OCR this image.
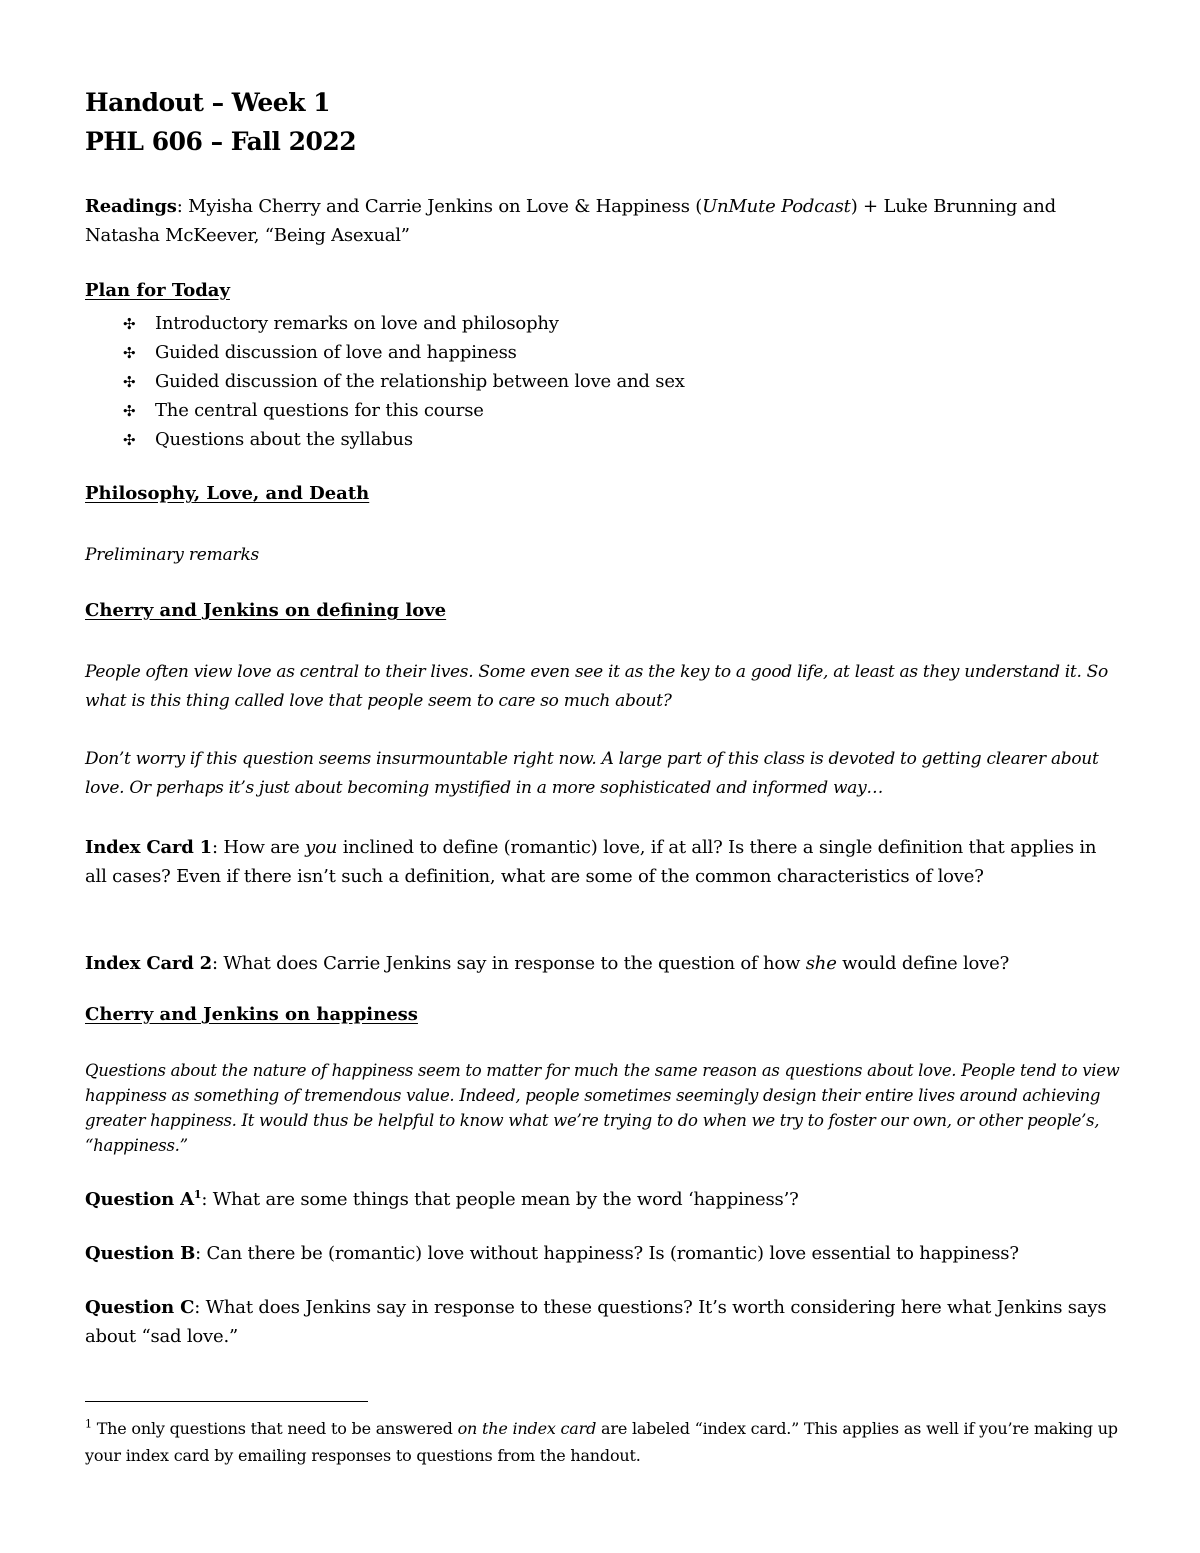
Handout – Week 1
PHL 606 – Fall 2022
Readings: Myisha Cherry and Carrie Jenkins on Love & Happiness (UnMute Podcast) + Luke Brunning and Natasha McKeever, “Being Asexual”
Plan for Today
✣ Introductory remarks on love and philosophy
✣ Guided discussion of love and happiness
✣ Guided discussion of the relationship between love and sex
✣ The central questions for this course
✣ Questions about the syllabus
Philosophy, Love, and Death
Preliminary remarks
Cherry and Jenkins on defining love
People often view love as central to their lives. Some even see it as the key to a good life, at least as they understand it. So what is this thing called love that people seem to care so much about?
Don’t worry if this question seems insurmountable right now. A large part of this class is devoted to getting clearer about love. Or perhaps it’s just about becoming mystified in a more sophisticated and informed way…
Index Card 1: How are you inclined to define (romantic) love, if at all? Is there a single definition that applies in all cases? Even if there isn’t such a definition, what are some of the common characteristics of love?
Index Card 2: What does Carrie Jenkins say in response to the question of how she would define love?
Cherry and Jenkins on happiness
Questions about the nature of happiness seem to matter for much the same reason as questions about love. People tend to view happiness as something of tremendous value. Indeed, people sometimes seemingly design their entire lives around achieving greater happiness. It would thus be helpful to know what we’re trying to do when we try to foster our own, or other people’s, “happiness.”
Question $A^1$: What are some things that people mean by the word ‘happiness’?
Question B: Can there be (romantic) love without happiness? Is (romantic) love essential to happiness?
Question C: What does Jenkins say in response to these questions? It’s worth considering here what Jenkins says about “sad love.”
$^1$ The only questions that need to be answered on the index card are labeled “index card.” This applies as well if you’re making up your index card by emailing responses to questions from the handout.
